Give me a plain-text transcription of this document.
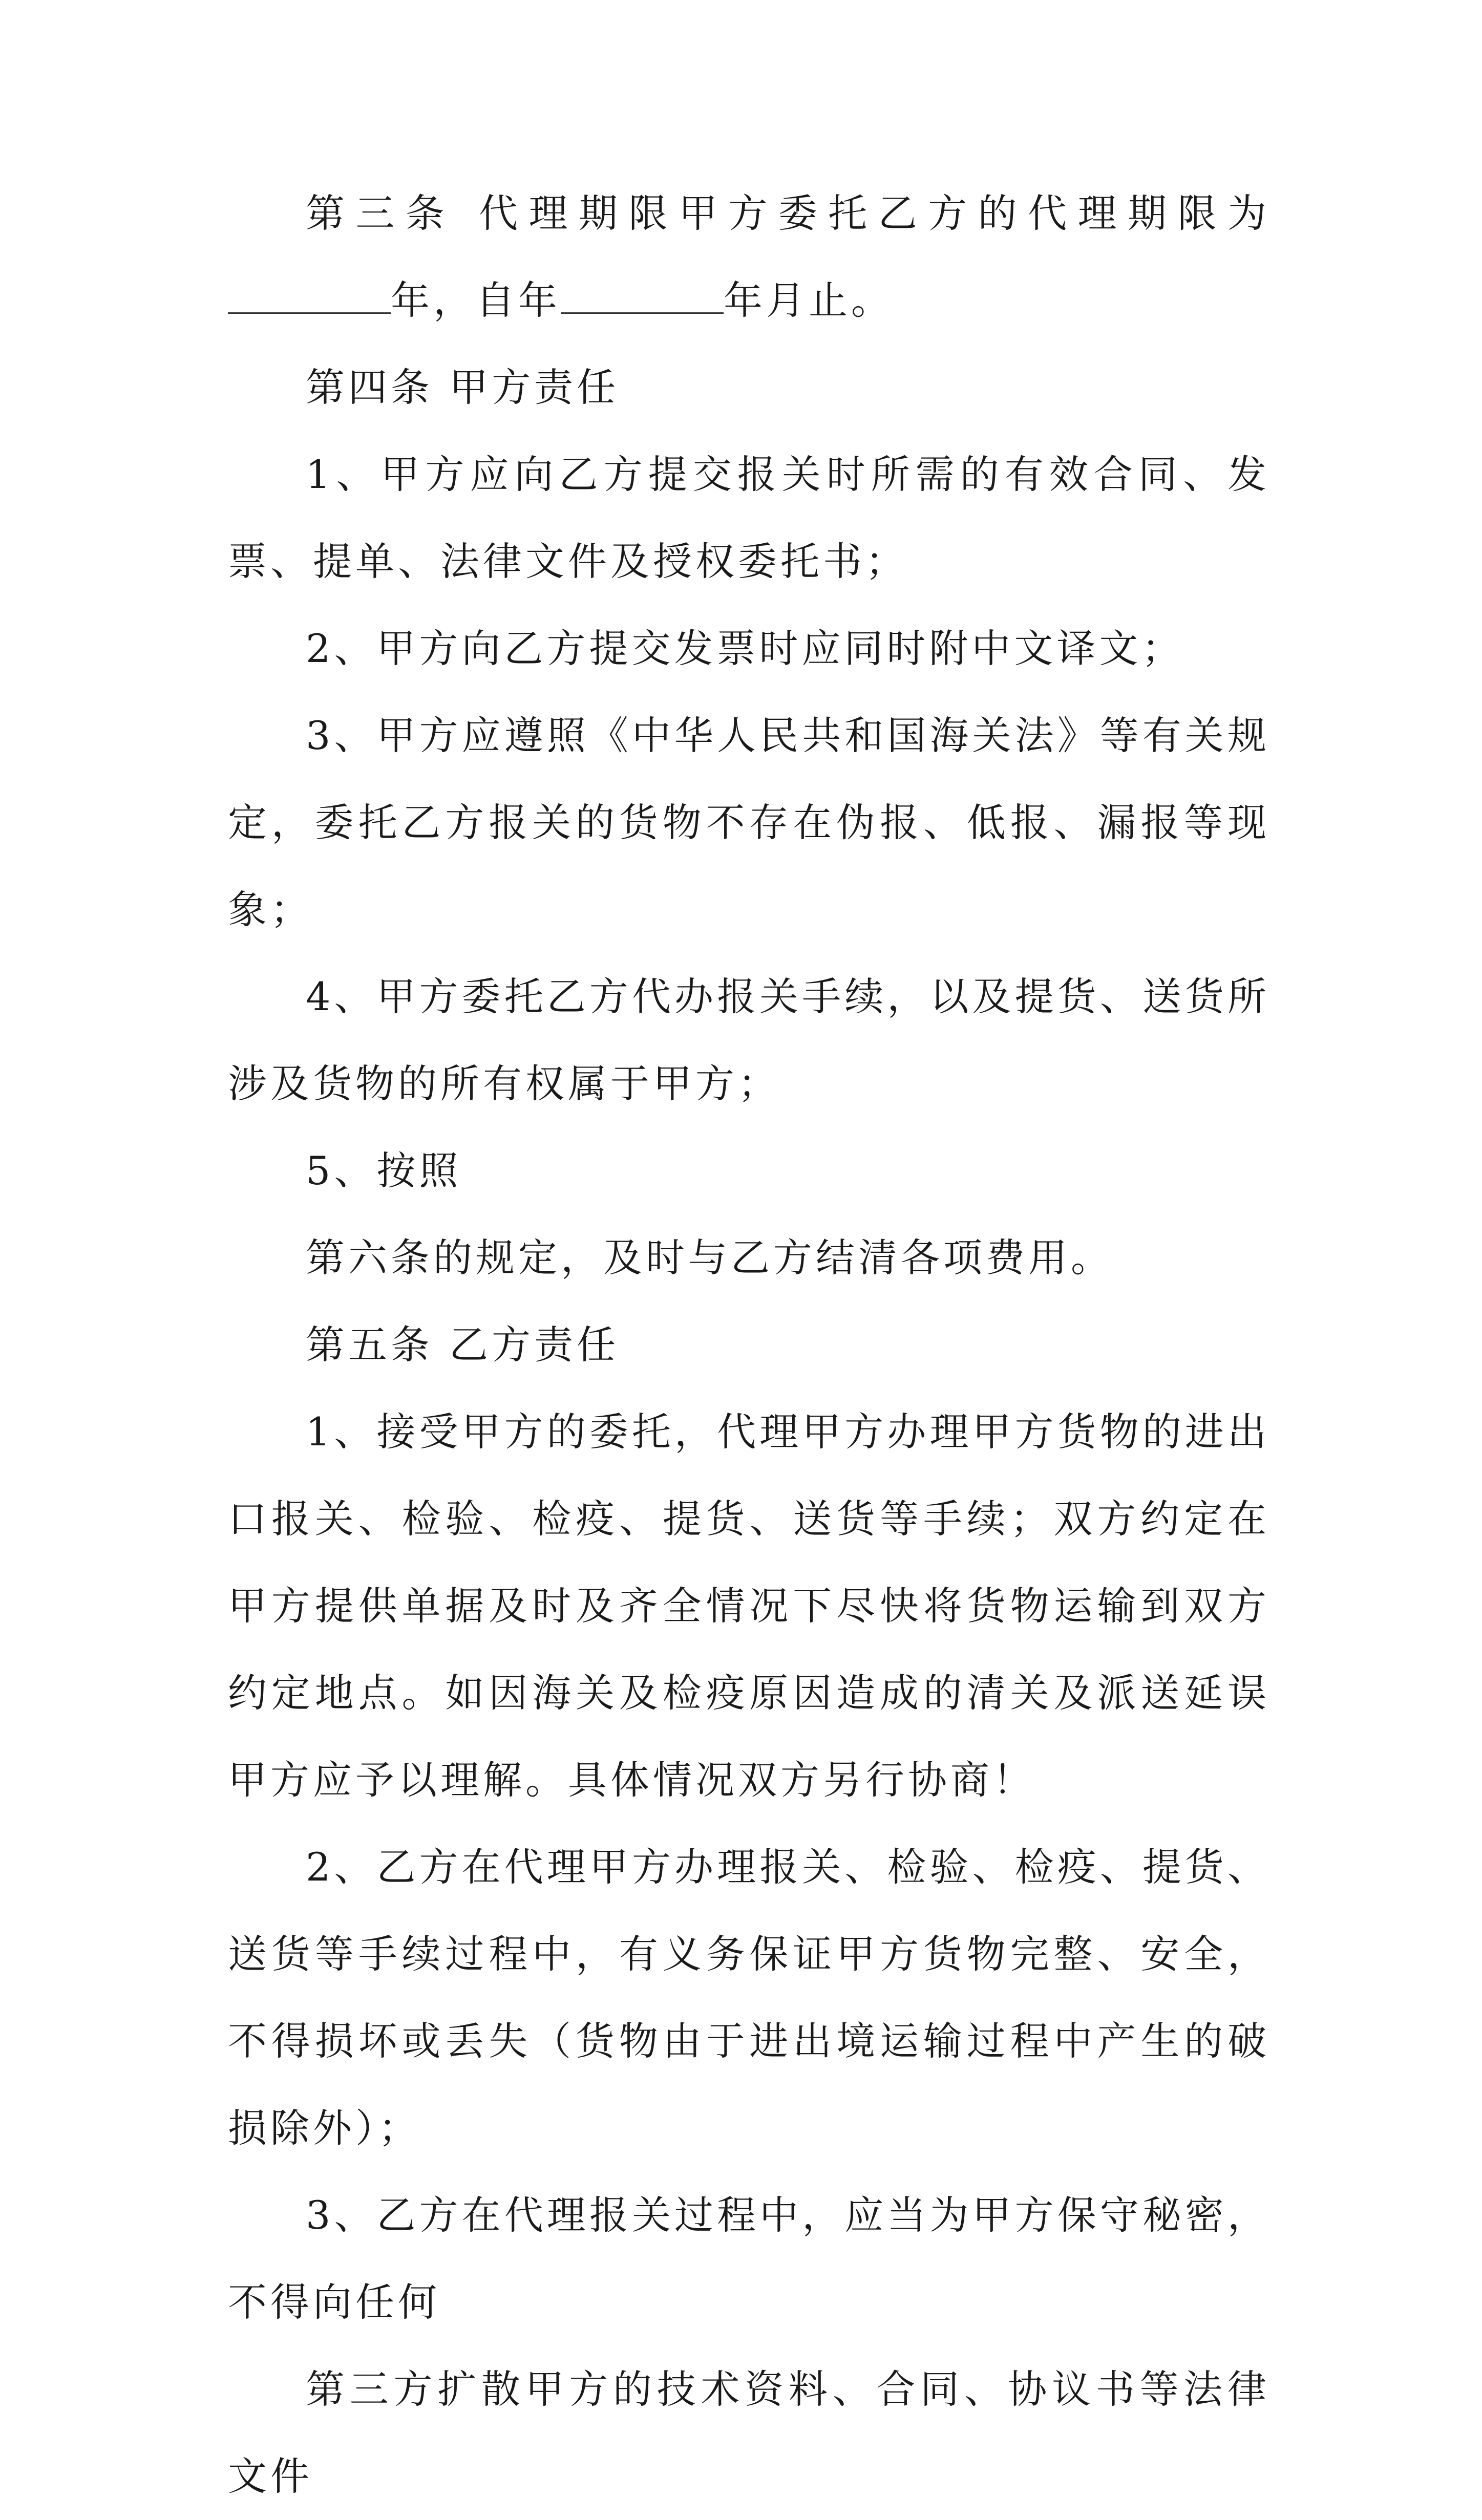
第三条 代理期限甲方委托乙方的代理期限为年，自年	年月止。

第四条 甲方责任

1、甲方应向乙方提交报关时所需的有效合同、发票、提单、法律文件及授权委托书；

2、甲方向乙方提交发票时应同时附中文译文；

3、甲方应遵照《中华人民共和国海关法》等有关规定，委托乙方报关的货物不存在伪报、低报、漏报等现象；

4、甲方委托乙方代办报关手续，以及提货、送货所涉及货物的所有权属于甲方；

5、按照

第六条的规定，及时与乙方结清各项费用。

第五条 乙方责任

1、接受甲方的委托，代理甲方办理甲方货物的进出口报关、检验、检疫、提货、送货等手续；双方约定在甲方提供单据及时及齐全情况下尽快将货物运输到双方约定地点。如因海关及检疫原因造成的清关及派送延误甲方应予以理解。具体情况双方另行协商！

2、乙方在代理甲方办理报关、检验、检疫、提货、送货等手续过程中，有义务保证甲方货物完整、安全，不得损坏或丢失（货物由于进出境运输过程中产生的破损除外）；

3、乙方在代理报关过程中，应当为甲方保守秘密，不得向任何

第三方扩散甲方的技术资料、合同、协议书等法律文件
